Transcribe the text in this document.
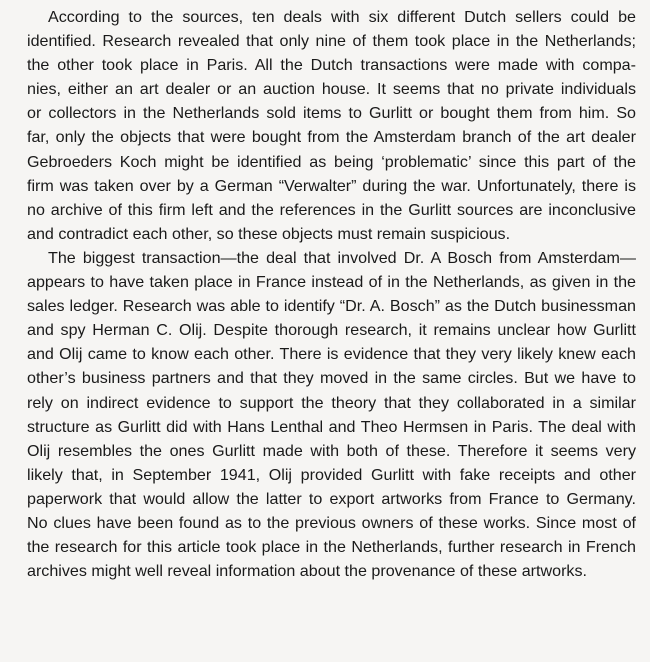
According to the sources, ten deals with six different Dutch sellers could be
identified. Research revealed that only nine of them took place in the Netherlands;
the other took place in Paris. All the Dutch transactions were made with compa-
nies, either an art dealer or an auction house. It seems that no private individuals
or collectors in the Netherlands sold items to Gurlitt or bought them from him. So
far, only the objects that were bought from the Amsterdam branch of the art dealer
Gebroeders Koch might be identified as being ‘problematic’ since this part of the
firm was taken over by a German “Verwalter” during the war. Unfortunately, there is
no archive of this firm left and the references in the Gurlitt sources are inconclusive
and contradict each other, so these objects must remain suspicious.
The biggest transaction—the deal that involved Dr. A Bosch from Amsterdam—
appears to have taken place in France instead of in the Netherlands, as given in the
sales ledger. Research was able to identify “Dr. A. Bosch” as the Dutch businessman
and spy Herman C. Olij. Despite thorough research, it remains unclear how Gurlitt
and Olij came to know each other. There is evidence that they very likely knew each
other’s business partners and that they moved in the same circles. But we have to
rely on indirect evidence to support the theory that they collaborated in a similar
structure as Gurlitt did with Hans Lenthal and Theo Hermsen in Paris. The deal with
Olij resembles the ones Gurlitt made with both of these. Therefore it seems very
likely that, in September 1941, Olij provided Gurlitt with fake receipts and other
paperwork that would allow the latter to export artworks from France to Germany.
No clues have been found as to the previous owners of these works. Since most of
the research for this article took place in the Netherlands, further research in French
archives might well reveal information about the provenance of these artworks.
